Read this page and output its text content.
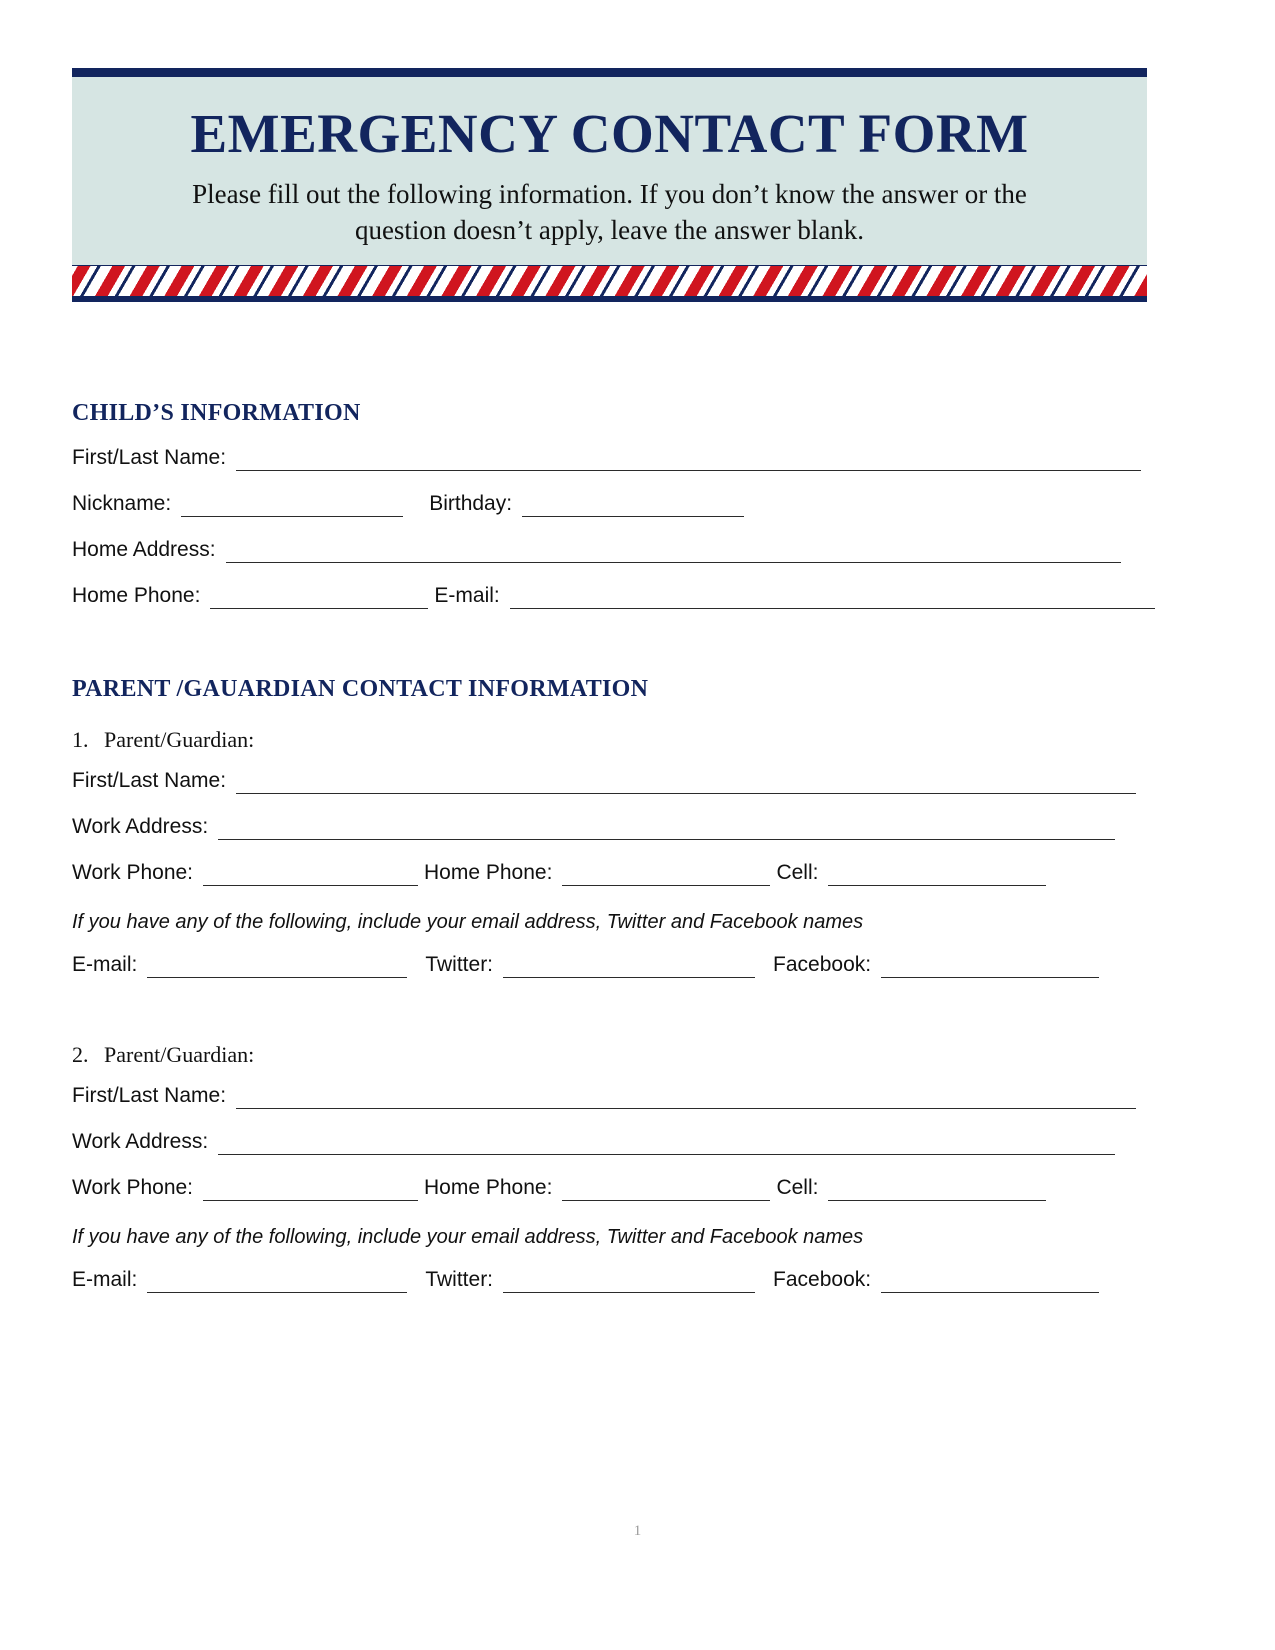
EMERGENCY CONTACT FORM
Please fill out the following information. If you don’t know the answer or the question doesn’t apply, leave the answer blank.
CHILD’S INFORMATION
First/Last Name:
Nickname:	Birthday:
Home Address:
Home Phone:	E-mail:
PARENT /GAUARDIAN CONTACT INFORMATION
1. Parent/Guardian:
First/Last Name:
Work Address:
Work Phone:	Home Phone:	Cell:
If you have any of the following, include your email address, Twitter and Facebook names
E-mail:	Twitter:	Facebook:
2. Parent/Guardian:
First/Last Name:
Work Address:
Work Phone:	Home Phone:	Cell:
If you have any of the following, include your email address, Twitter and Facebook names
E-mail:	Twitter:	Facebook:
1
